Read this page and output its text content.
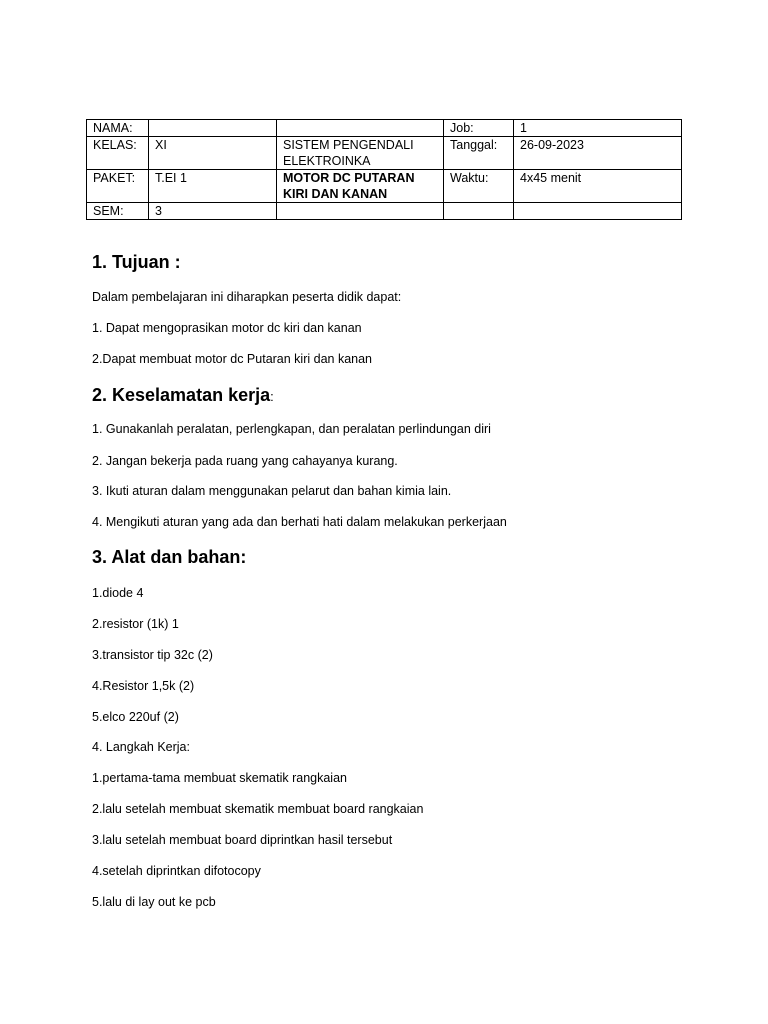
NAMA:			Job:	1
KELAS:	XI	SISTEM PENGENDALI ELEKTROINKA	Tanggal:	26-09-2023
PAKET:	T.EI 1	MOTOR DC PUTARAN KIRI DAN KANAN	Waktu:	4x45 menit
SEM:	3			
1. Tujuan :

Dalam pembelajaran ini diharapkan peserta didik dapat:

1. Dapat mengoprasikan motor dc kiri dan kanan

2.Dapat membuat motor dc Putaran kiri dan kanan

2. Keselamatan kerja:

1. Gunakanlah peralatan, perlengkapan, dan peralatan perlindungan diri

2. Jangan bekerja pada ruang yang cahayanya kurang.

3. Ikuti aturan dalam menggunakan pelarut dan bahan kimia lain.

4. Mengikuti aturan yang ada dan berhati hati dalam melakukan perkerjaan

3. Alat dan bahan:

1.diode 4

2.resistor (1k) 1

3.transistor tip 32c (2)

4.Resistor 1,5k (2)

5.elco 220uf (2)

4. Langkah Kerja:

1.pertama-tama membuat skematik rangkaian

2.lalu setelah membuat skematik membuat board rangkaian

3.lalu setelah membuat board diprintkan hasil tersebut

4.setelah diprintkan difotocopy

5.lalu di lay out ke pcb
